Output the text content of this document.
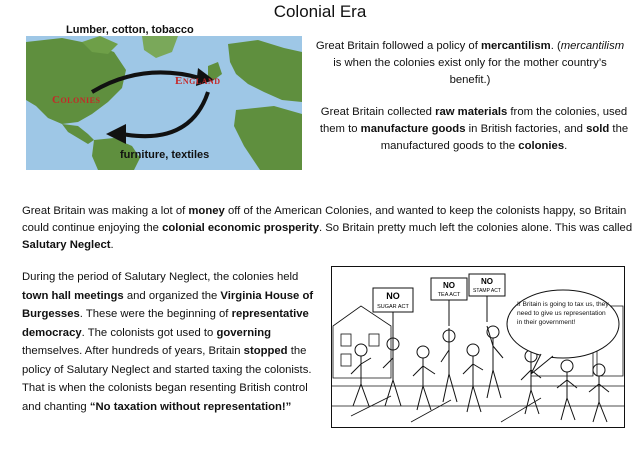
Colonial Era
Lumber, cotton, tobacco
Colonies
England
furniture, textiles
Great Britain followed a policy of mercantilism. (mercantilism is when the colonies exist only for the mother country’s benefit.)
Great Britain collected raw materials from the colonies, used them to manufacture goods in British factories, and sold the manufactured goods to the colonies.
Great Britain was making a lot of money off of the American Colonies, and wanted to keep the colonists happy, so Britain could continue enjoying the colonial economic prosperity. So Britain pretty much left the colonies alone. This was called Salutary Neglect.
During the period of Salutary Neglect, the colonies held town hall meetings and organized the Virginia House of Burgesses. These were the beginning of representative democracy. The colonists got used to governing themselves. After hundreds of years, Britain stopped the policy of Salutary Neglect and started taxing the colonists. That is when the colonists began resenting British control and chanting “No taxation without representation!”
NO
SUGAR ACT
NO
TEA ACT
NO
STAMP ACT
If Britain is going to tax us, they need to give us representation in their government!
